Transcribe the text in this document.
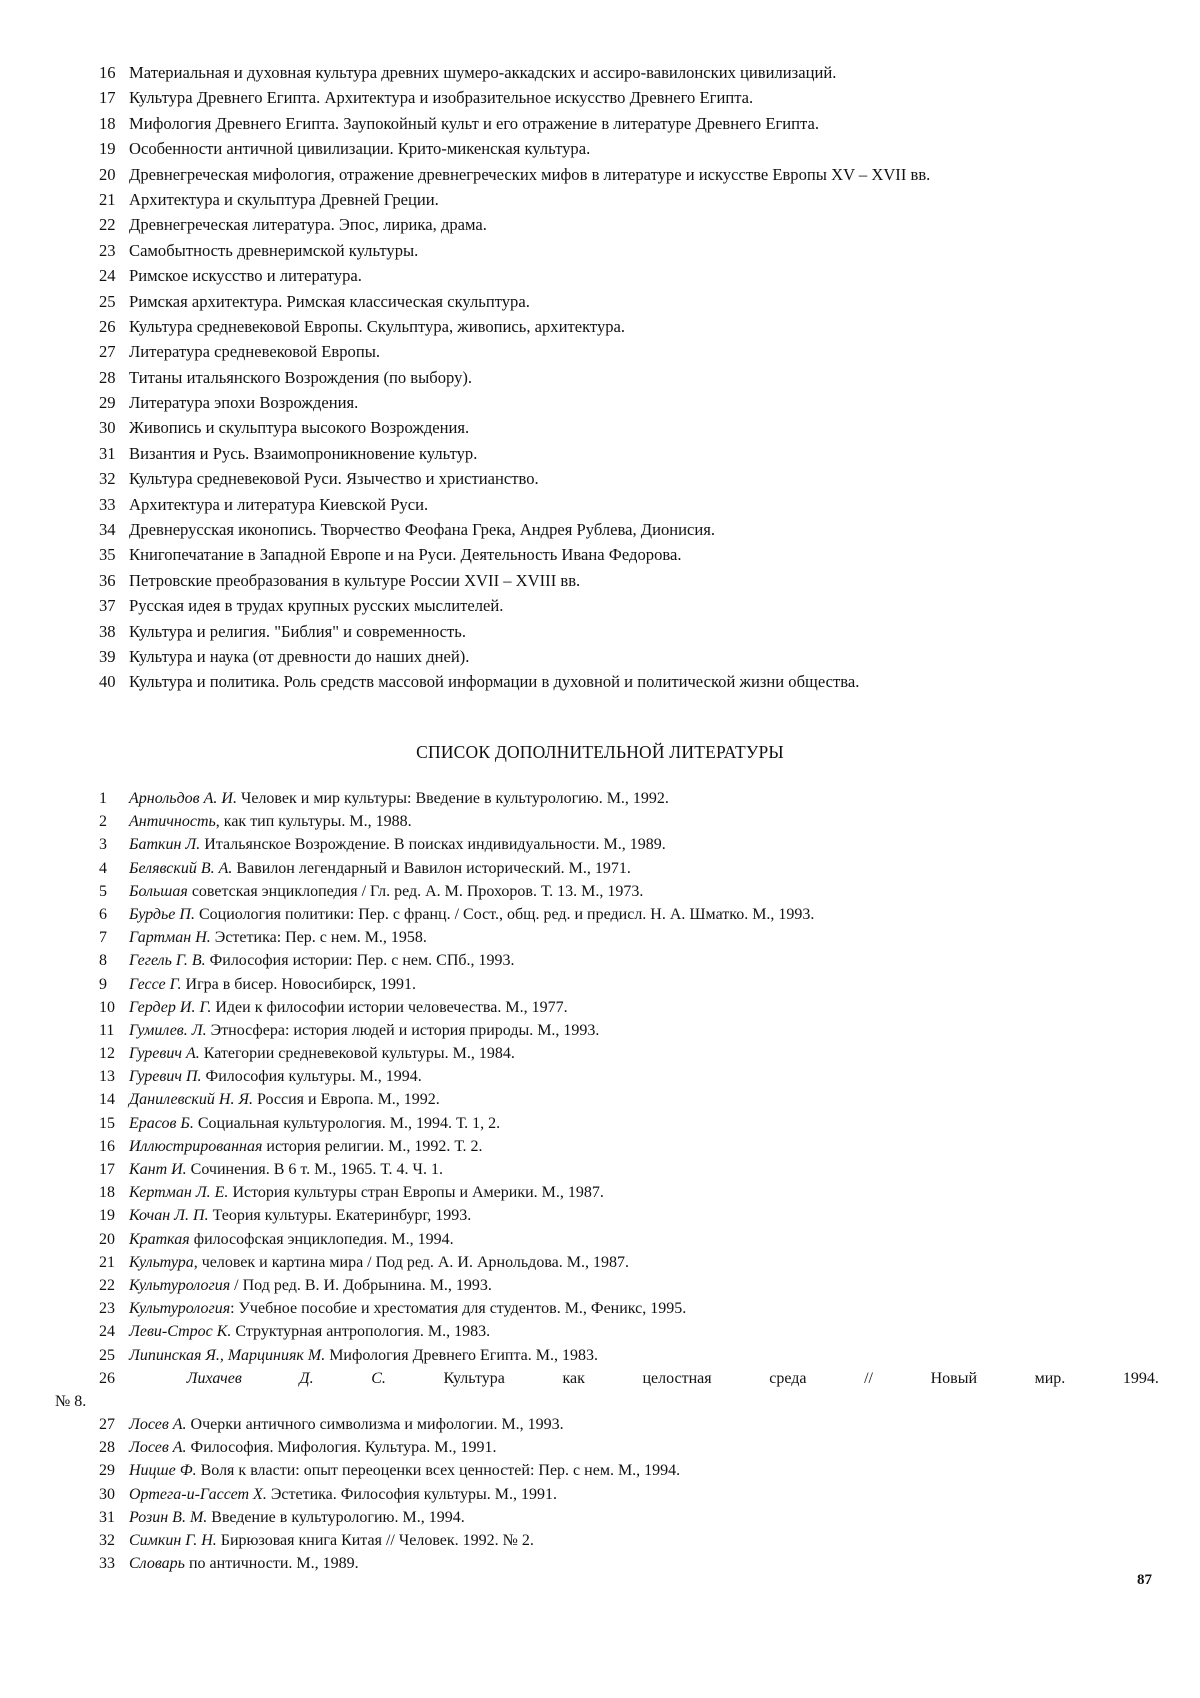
16 Материальная и духовная культура древних шумеро-аккадских и ассиро-вавилонских цивилизаций.
17 Культура Древнего Египта. Архитектура и изобразительное искусство Древнего Египта.
18 Мифология Древнего Египта. Заупокойный культ и его отражение в литературе Древнего Египта.
19 Особенности античной цивилизации. Крито-микенская культура.
20 Древнегреческая мифология, отражение древнегреческих мифов в литературе и искусстве Европы XV – XVII вв.
21 Архитектура и скульптура Древней Греции.
22 Древнегреческая литература. Эпос, лирика, драма.
23 Самобытность древнеримской культуры.
24 Римское искусство и литература.
25 Римская архитектура. Римская классическая скульптура.
26 Культура средневековой Европы. Скульптура, живопись, архитектура.
27 Литература средневековой Европы.
28 Титаны итальянского Возрождения (по выбору).
29 Литература эпохи Возрождения.
30 Живопись и скульптура высокого Возрождения.
31 Византия и Русь. Взаимопроникновение культур.
32 Культура средневековой Руси. Язычество и христианство.
33 Архитектура и литература Киевской Руси.
34 Древнерусская иконопись. Творчество Феофана Грека, Андрея Рублева, Дионисия.
35 Книгопечатание в Западной Европе и на Руси. Деятельность Ивана Федорова.
36 Петровские преобразования в культуре России XVII – XVIII вв.
37 Русская идея в трудах крупных русских мыслителей.
38 Культура и религия. "Библия" и современность.
39 Культура и наука (от древности до наших дней).
40 Культура и политика. Роль средств массовой информации в духовной и политической жизни общества.
СПИСОК ДОПОЛНИТЕЛЬНОЙ ЛИТЕРАТУРЫ
1 Арнольдов А. И. Человек и мир культуры: Введение в культурологию. М., 1992.
2 Античность, как тип культуры. М., 1988.
3 Баткин Л. Итальянское Возрождение. В поисках индивидуальности. М., 1989.
4 Белявский В. А. Вавилон легендарный и Вавилон исторический. М., 1971.
5 Большая советская энциклопедия / Гл. ред. А. М. Прохоров. Т. 13. М., 1973.
6 Бурдье П. Социология политики: Пер. с франц. / Сост., общ. ред. и предисл. Н. А. Шматко. М., 1993.
7 Гартман Н. Эстетика: Пер. с нем. М., 1958.
8 Гегель Г. В. Философия истории: Пер. с нем. СПб., 1993.
9 Гессе Г. Игра в бисер. Новосибирск, 1991.
10 Гердер И. Г. Идеи к философии истории человечества. М., 1977.
11 Гумилев. Л. Этносфера: история людей и история природы. М., 1993.
12 Гуревич А. Категории средневековой культуры. М., 1984.
13 Гуревич П. Философия культуры. М., 1994.
14 Данилевский Н. Я. Россия и Европа. М., 1992.
15 Ерасов Б. Социальная культурология. М., 1994. Т. 1, 2.
16 Иллюстрированная история религии. М., 1992. Т. 2.
17 Кант И. Сочинения. В 6 т. М., 1965. Т. 4. Ч. 1.
18 Кертман Л. Е. История культуры стран Европы и Америки. М., 1987.
19 Кочан Л. П. Теория культуры. Екатеринбург, 1993.
20 Краткая философская энциклопедия. М., 1994.
21 Культура, человек и картина мира / Под ред. А. И. Арнольдова. М., 1987.
22 Культурология / Под ред. В. И. Добрынина. М., 1993.
23 Культурология: Учебное пособие и хрестоматия для студентов. М., Феникс, 1995.
24 Леви-Строс К. Структурная антропология. М., 1983.
25 Липинская Я., Марцинияк М. Мифология Древнего Египта. М., 1983.
26	Лихачев	Д.	С.	Культура	как	целостная	среда	//	Новый	мир.	1994.
№ 8.
27 Лосев А. Очерки античного символизма и мифологии. М., 1993.
28 Лосев А. Философия. Мифология. Культура. М., 1991.
29 Ницше Ф. Воля к власти: опыт переоценки всех ценностей: Пер. с нем. М., 1994.
30 Ортега-и-Гассет Х. Эстетика. Философия культуры. М., 1991.
31 Розин В. М. Введение в культурологию. М., 1994.
32 Симкин Г. Н. Бирюзовая книга Китая // Человек. 1992. № 2.
33 Словарь по античности. М., 1989.
87
